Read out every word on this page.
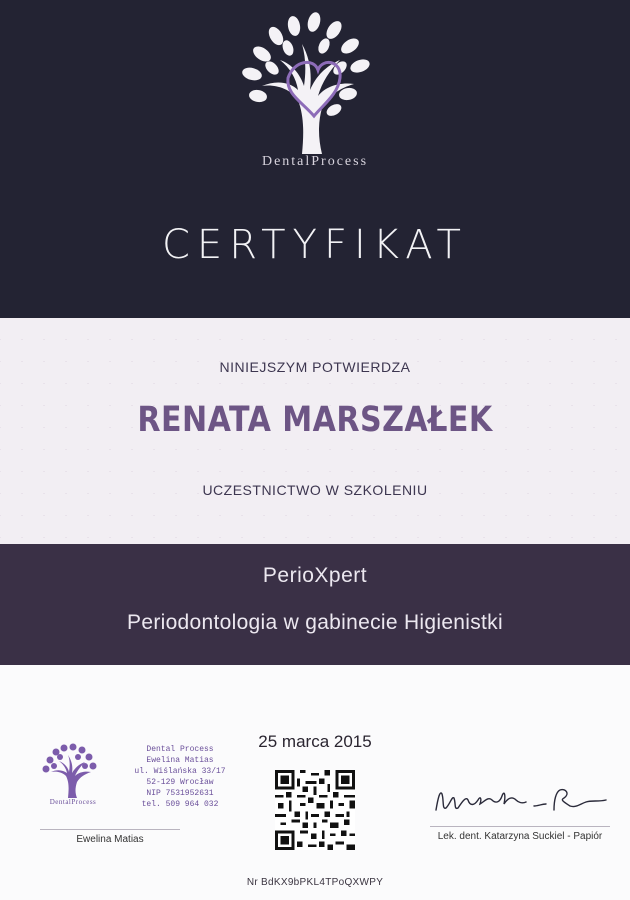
DentalProcess
CERTYFIKAT
NINIEJSZYM POTWIERDZA
RENATA MARSZAŁEK
UCZESTNICTWO W SZKOLENIU
PerioXpert
Periodontologia w gabinecie Higienistki
25 marca 2015
DentalProcess
Dental Process
Ewelina Matias
ul. Wiślańska 33/17
52-129 Wrocław
NIP 7531952631
tel. 509 964 032
Ewelina Matias	Lek. dent. Katarzyna Suckiel - Papiór
Nr BdKX9bPKL4TPoQXWPY
